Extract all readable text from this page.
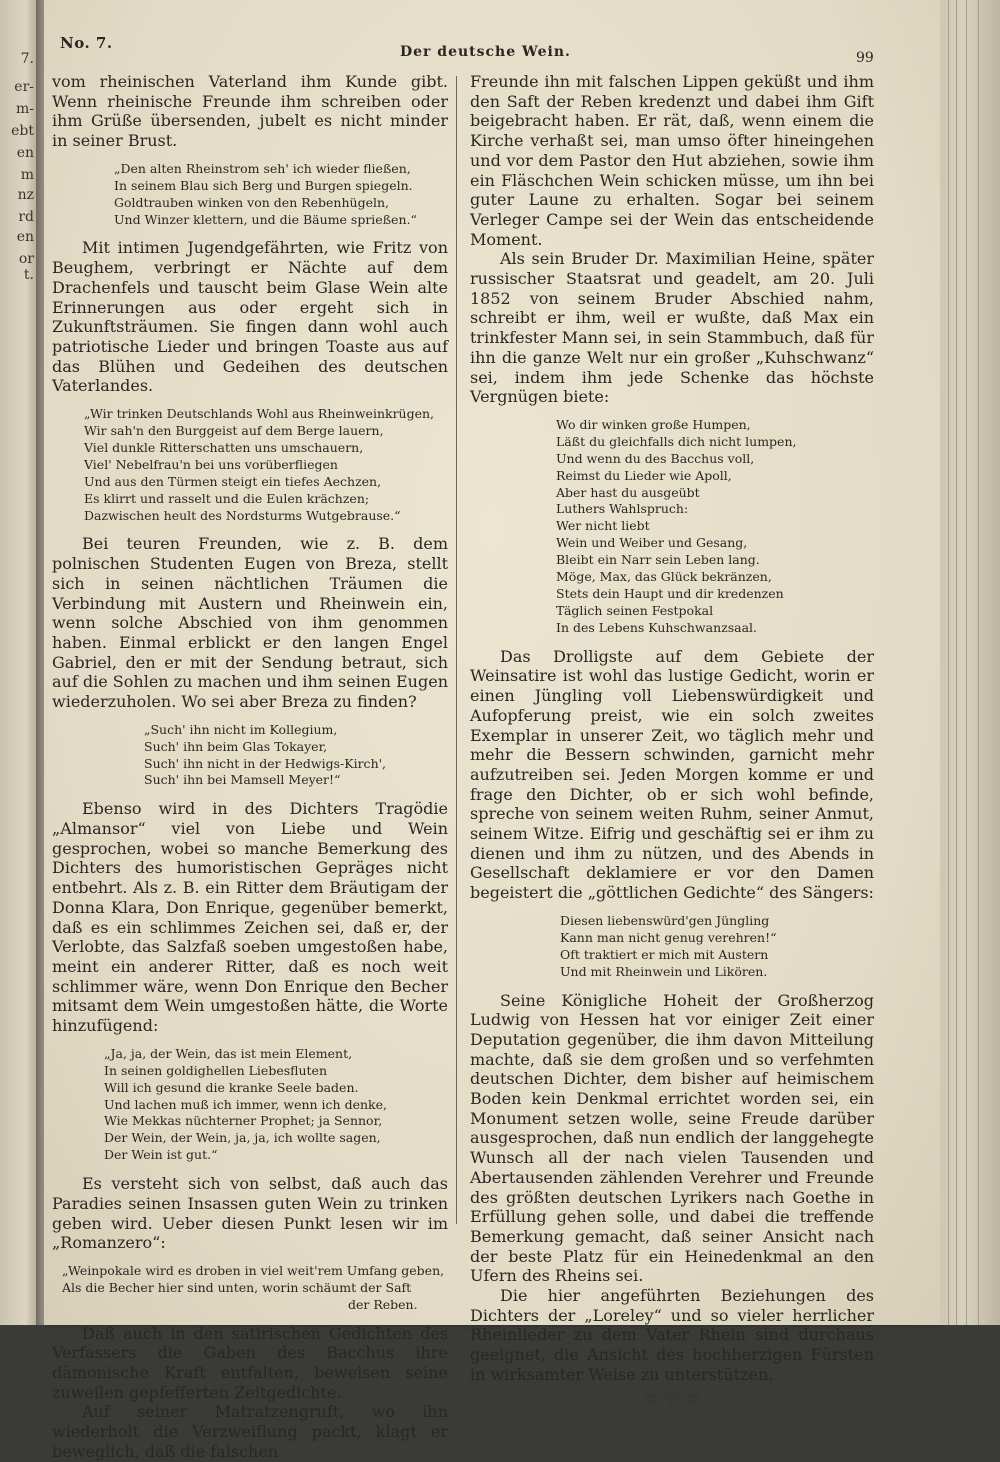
7.
er-
m-
ebt
en
m
nz
rd
en
or
t.
No. 7.	Der deutsche Wein.	99

vom rheinischen Vaterland ihm Kunde gibt. Wenn rheinische Freunde ihm schreiben oder ihm Grüße übersenden, jubelt es nicht minder in seiner Brust.

„Den alten Rheinstrom seh' ich wieder fließen,
In seinem Blau sich Berg und Burgen spiegeln.
Goldtrauben winken von den Rebenhügeln,
Und Winzer klettern, und die Bäume sprießen.“

Mit intimen Jugendgefährten, wie Fritz von Beughem, verbringt er Nächte auf dem Drachenfels und tauscht beim Glase Wein alte Erinnerungen aus oder ergeht sich in Zukunftsträumen. Sie fingen dann wohl auch patriotische Lieder und bringen Toaste aus auf das Blühen und Gedeihen des deutschen Vaterlandes.

„Wir trinken Deutschlands Wohl aus Rheinweinkrügen,
Wir sah'n den Burggeist auf dem Berge lauern,
Viel dunkle Ritterschatten uns umschauern,
Viel' Nebelfrau'n bei uns vorüberfliegen
Und aus den Türmen steigt ein tiefes Aechzen,
Es klirrt und rasselt und die Eulen krächzen;
Dazwischen heult des Nordsturms Wutgebrause.“

Bei teuren Freunden, wie z. B. dem polnischen Studenten Eugen von Breza, stellt sich in seinen nächtlichen Träumen die Verbindung mit Austern und Rheinwein ein, wenn solche Abschied von ihm genommen haben. Einmal erblickt er den langen Engel Gabriel, den er mit der Sendung betraut, sich auf die Sohlen zu machen und ihm seinen Eugen wiederzuholen. Wo sei aber Breza zu finden?

„Such' ihn nicht im Kollegium,
Such' ihn beim Glas Tokayer,
Such' ihn nicht in der Hedwigs-Kirch',
Such' ihn bei Mamsell Meyer!“

Ebenso wird in des Dichters Tragödie „Almansor“ viel von Liebe und Wein gesprochen, wobei so manche Bemerkung des Dichters des humoristischen Gepräges nicht entbehrt. Als z. B. ein Ritter dem Bräutigam der Donna Klara, Don Enrique, gegenüber bemerkt, daß es ein schlimmes Zeichen sei, daß er, der Verlobte, das Salzfaß soeben umgestoßen habe, meint ein anderer Ritter, daß es noch weit schlimmer wäre, wenn Don Enrique den Becher mitsamt dem Wein umgestoßen hätte, die Worte hinzufügend:

„Ja, ja, der Wein, das ist mein Element,
In seinen goldighellen Liebesfluten
Will ich gesund die kranke Seele baden.
Und lachen muß ich immer, wenn ich denke,
Wie Mekkas nüchterner Prophet; ja Sennor,
Der Wein, der Wein, ja, ja, ich wollte sagen,
Der Wein ist gut.“

Es versteht sich von selbst, daß auch das Paradies seinen Insassen guten Wein zu trinken geben wird. Ueber diesen Punkt lesen wir im „Romanzero“:

„Weinpokale wird es droben in viel weit'rem Umfang geben,
Als die Becher hier sind unten, worin schäumt der Saft
der Reben.

Daß auch in den satirischen Gedichten des Verfassers die Gaben des Bacchus ihre dämonische Kraft entfalten, beweisen seine zuweilen gepfefferten Zeitgedichte.

Auf seiner Matratzengruft, wo ihn wiederholt die Verzweiflung packt, klagt er beweglich, daß die falschen

Freunde ihn mit falschen Lippen geküßt und ihm den Saft der Reben kredenzt und dabei ihm Gift beigebracht haben. Er rät, daß, wenn einem die Kirche verhaßt sei, man umso öfter hineingehen und vor dem Pastor den Hut abziehen, sowie ihm ein Fläschchen Wein schicken müsse, um ihn bei guter Laune zu erhalten. Sogar bei seinem Verleger Campe sei der Wein das entscheidende Moment.

Als sein Bruder Dr. Maximilian Heine, später russischer Staatsrat und geadelt, am 20. Juli 1852 von seinem Bruder Abschied nahm, schreibt er ihm, weil er wußte, daß Max ein trinkfester Mann sei, in sein Stammbuch, daß für ihn die ganze Welt nur ein großer „Kuhschwanz“ sei, indem ihm jede Schenke das höchste Vergnügen biete:

Wo dir winken große Humpen,
Läßt du gleichfalls dich nicht lumpen,
Und wenn du des Bacchus voll,
Reimst du Lieder wie Apoll,
Aber hast du ausgeübt
Luthers Wahlspruch:
Wer nicht liebt
Wein und Weiber und Gesang,
Bleibt ein Narr sein Leben lang.
Möge, Max, das Glück bekränzen,
Stets dein Haupt und dir kredenzen
Täglich seinen Festpokal
In des Lebens Kuhschwanzsaal.

Das Drolligste auf dem Gebiete der Weinsatire ist wohl das lustige Gedicht, worin er einen Jüngling voll Liebenswürdigkeit und Aufopferung preist, wie ein solch zweites Exemplar in unserer Zeit, wo täglich mehr und mehr die Bessern schwinden, garnicht mehr aufzutreiben sei. Jeden Morgen komme er und frage den Dichter, ob er sich wohl befinde, spreche von seinem weiten Ruhm, seiner Anmut, seinem Witze. Eifrig und geschäftig sei er ihm zu dienen und ihm zu nützen, und des Abends in Gesellschaft deklamiere er vor den Damen begeistert die „göttlichen Gedichte“ des Sängers:

Diesen liebenswürd'gen Jüngling
Kann man nicht genug verehren!“
Oft traktiert er mich mit Austern
Und mit Rheinwein und Likören.

Seine Königliche Hoheit der Großherzog Ludwig von Hessen hat vor einiger Zeit einer Deputation gegenüber, die ihm davon Mitteilung machte, daß sie dem großen und so verfehmten deutschen Dichter, dem bisher auf heimischem Boden kein Denkmal errichtet worden sei, ein Monument setzen wolle, seine Freude darüber ausgesprochen, daß nun endlich der langgehegte Wunsch all der nach vielen Tausenden und Abertausenden zählenden Verehrer und Freunde des größten deutschen Lyrikers nach Goethe in Erfüllung gehen solle, und dabei die treffende Bemerkung gemacht, daß seiner Ansicht nach der beste Platz für ein Heinedenkmal an den Ufern des Rheins sei.

Die hier angeführten Beziehungen des Dichters der „Loreley“ und so vieler herrlicher Rheinlieder zu dem Vater Rhein sind durchaus geeignet, die Ansicht des hochherzigen Fürsten in wirksamter Weise zu unterstützen.

♡♡♡
